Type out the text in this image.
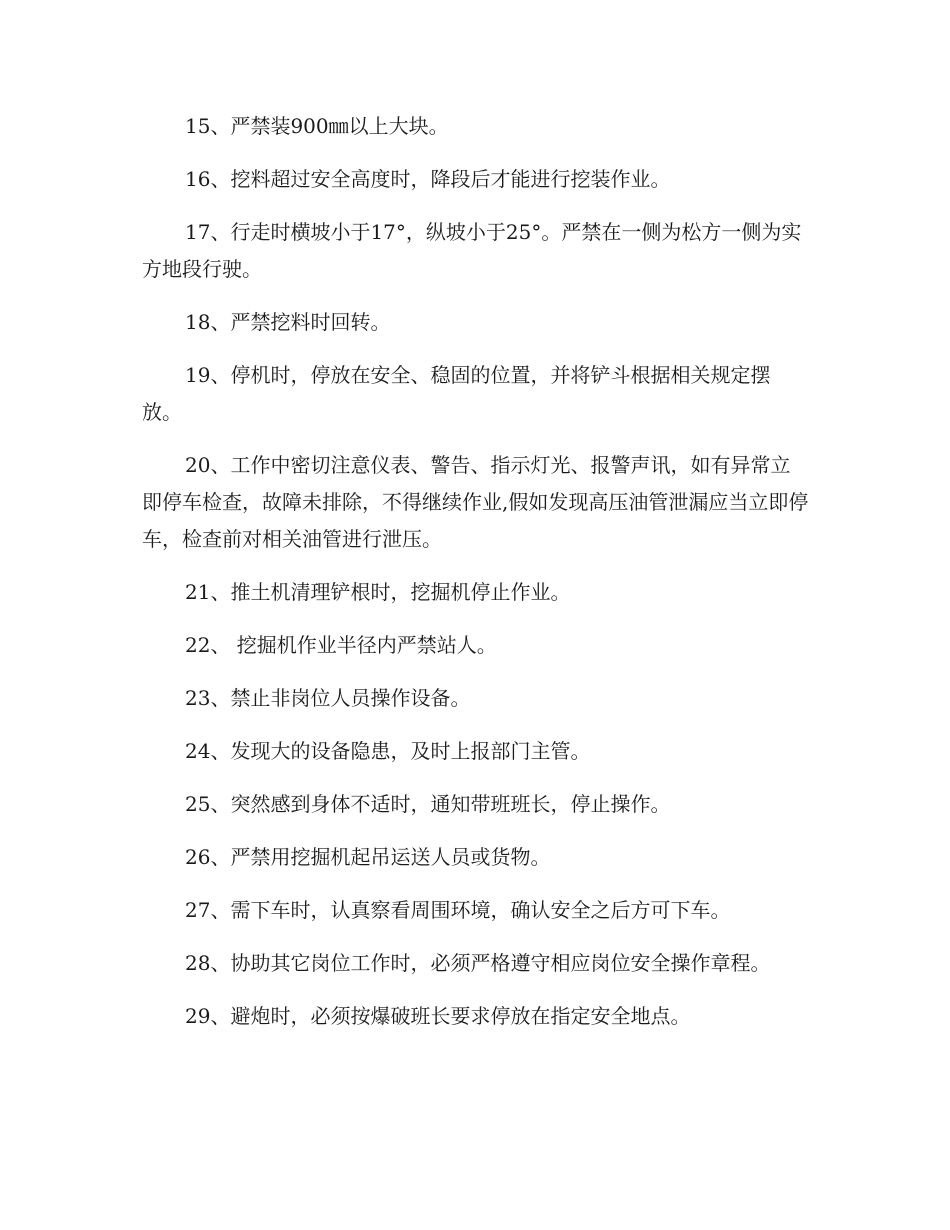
15、严禁装900㎜以上大块。

16、挖料超过安全高度时，降段后才能进行挖装作业。

17、行走时横坡小于17°，纵坡小于25°。严禁在一侧为松方一侧为实方地段行驶。

18、严禁挖料时回转。

19、停机时，停放在安全、稳固的位置，并将铲斗根据相关规定摆放。

20、工作中密切注意仪表、警告、指示灯光、报警声讯，如有异常立即停车检查，故障未排除，不得继续作业,假如发现高压油管泄漏应当立即停车，检查前对相关油管进行泄压。

21、推土机清理铲根时，挖掘机停止作业。

22、 挖掘机作业半径内严禁站人。

23、禁止非岗位人员操作设备。

24、发现大的设备隐患，及时上报部门主管。

25、突然感到身体不适时，通知带班班长，停止操作。

26、严禁用挖掘机起吊运送人员或货物。

27、需下车时，认真察看周围环境，确认安全之后方可下车。

28、协助其它岗位工作时，必须严格遵守相应岗位安全操作章程。

29、避炮时，必须按爆破班长要求停放在指定安全地点。
